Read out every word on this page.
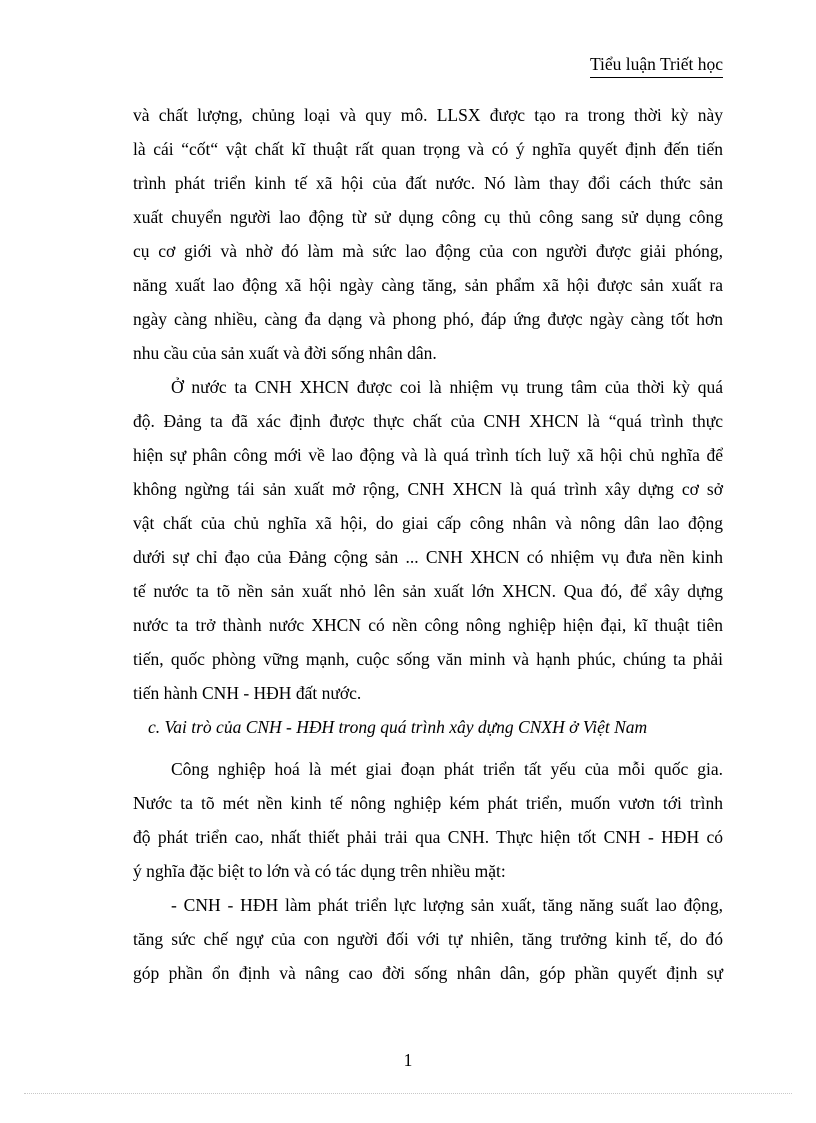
Tiểu luận Triết học
và chất lượng, chủng loại và quy mô. LLSX được tạo ra trong thời kỳ này
là cái “cốt“ vật chất kĩ thuật rất quan trọng và có ý nghĩa quyết định đến tiến
trình phát triển kinh tế xã hội của đất nước. Nó làm thay đổi cách thức sản
xuất chuyển người lao động từ sử dụng công cụ thủ công sang sử dụng công
cụ cơ giới và nhờ đó làm mà sức lao động của con người được giải phóng,
năng xuất lao động xã hội ngày càng tăng, sản phẩm xã hội được sản xuất ra
ngày càng nhiều, càng đa dạng và phong phó, đáp ứng được ngày càng tốt hơn
nhu cầu của sản xuất và đời sống nhân dân.
Ở nước ta CNH XHCN được coi là nhiệm vụ trung tâm của thời kỳ quá
độ. Đảng ta đã xác định được thực chất của CNH XHCN là “quá trình thực
hiện sự phân công mới về lao động và là quá trình tích luỹ xã hội chủ nghĩa để
không ngừng tái sản xuất mở rộng, CNH XHCN là quá trình xây dựng cơ sở
vật chất của chủ nghĩa xã hội, do giai cấp công nhân và nông dân lao động
dưới sự chỉ đạo của Đảng cộng sản ... CNH XHCN có nhiệm vụ đưa nền kinh
tế nước ta tõ nền sản xuất nhỏ lên sản xuất lớn XHCN. Qua đó, để xây dựng
nước ta trở thành nước XHCN có nền công nông nghiệp hiện đại, kĩ thuật tiên
tiến, quốc phòng vững mạnh, cuộc sống văn minh và hạnh phúc, chúng ta phải
tiến hành CNH - HĐH đất nước.
c. Vai trò của CNH - HĐH trong quá trình xây dựng CNXH ở Việt Nam
Công nghiệp hoá là mét giai đoạn phát triển tất yếu của mỗi quốc gia.
Nước ta tõ mét nền kinh tế nông nghiệp kém phát triển, muốn vươn tới trình
độ phát triển cao, nhất thiết phải trải qua CNH. Thực hiện tốt CNH - HĐH có
ý nghĩa đặc biệt to lớn và có tác dụng trên nhiều mặt:
- CNH - HĐH làm phát triển lực lượng sản xuất, tăng năng suất lao động,
tăng sức chế ngự của con người đối với tự nhiên, tăng trưởng kinh tế, do đó
góp phần ổn định và nâng cao đời sống nhân dân, góp phần quyết định sự
1
